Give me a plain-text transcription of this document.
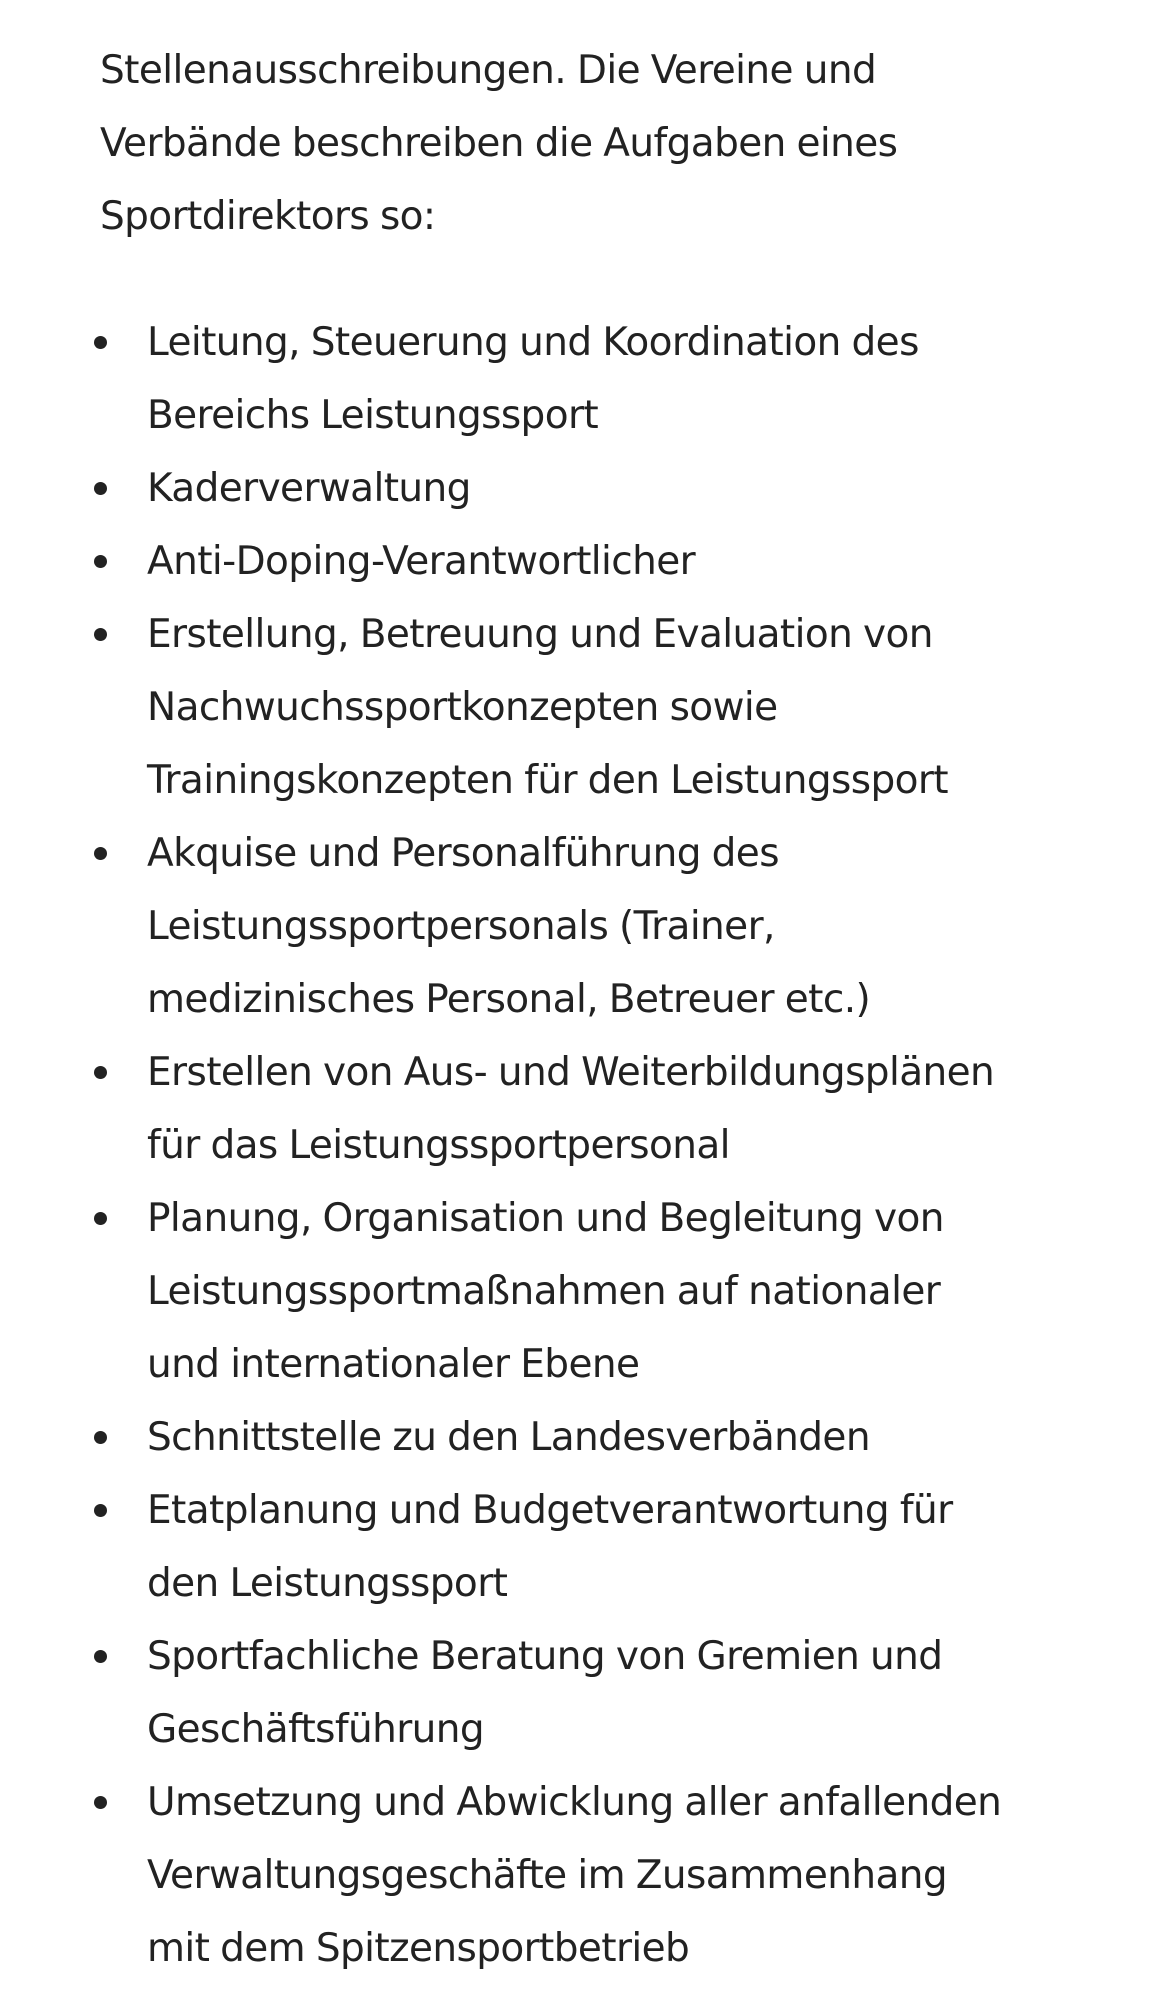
Stellenausschreibungen. Die Vereine und
Verbände beschreiben die Aufgaben eines
Sportdirektors so:

Leitung, Steuerung und Koordination des
Bereichs Leistungssport
Kaderverwaltung
Anti-Doping-Verantwortlicher
Erstellung, Betreuung und Evaluation von
Nachwuchssportkonzepten sowie
Trainingskonzepten für den Leistungssport
Akquise und Personalführung des
Leistungssportpersonals (Trainer,
medizinisches Personal, Betreuer etc.)
Erstellen von Aus- und Weiterbildungsplänen
für das Leistungssportpersonal
Planung, Organisation und Begleitung von
Leistungssportmaßnahmen auf nationaler
und internationaler Ebene
Schnittstelle zu den Landesverbänden
Etatplanung und Budgetverantwortung für
den Leistungssport
Sportfachliche Beratung von Gremien und
Geschäftsführung
Umsetzung und Abwicklung aller anfallenden
Verwaltungsgeschäfte im Zusammenhang
mit dem Spitzensportbetrieb
